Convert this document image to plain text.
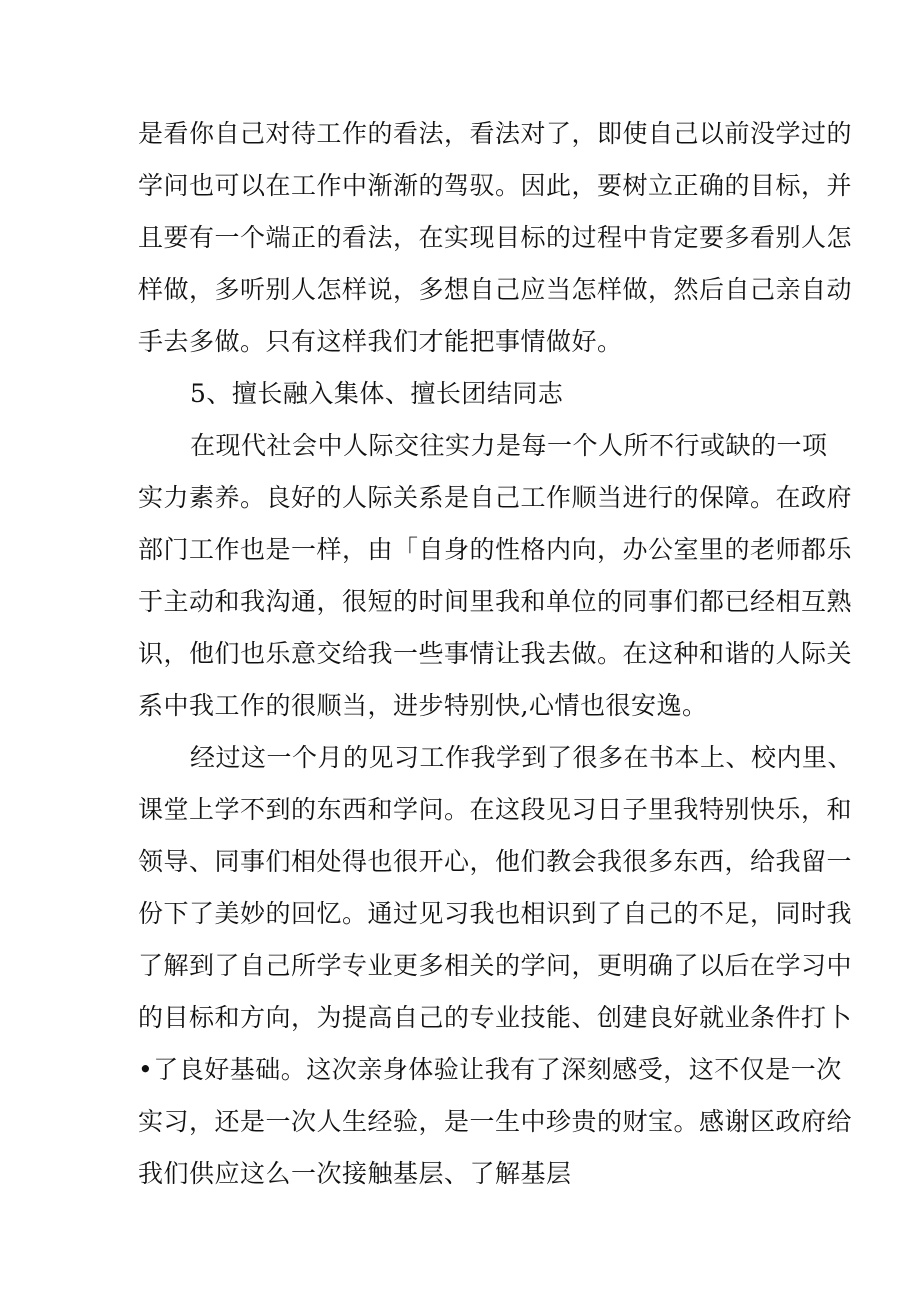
是看你自己对待工作的看法，看法对了，即使自己以前没学过的
学问也可以在工作中渐渐的驾驭。因此，要树立正确的目标，并
且要有一个端正的看法，在实现目标的过程中肯定要多看别人怎
样做，多听别人怎样说，多想自己应当怎样做，然后自己亲自动
手去多做。只有这样我们才能把事情做好。
5、擅长融入集体、擅长团结同志
在现代社会中人际交往实力是每一个人所不行或缺的一项
实力素养。良好的人际关系是自己工作顺当进行的保障。在政府
部门工作也是一样，由「自身的性格内向，办公室里的老师都乐
于主动和我沟通，很短的时间里我和单位的同事们都已经相互熟
识，他们也乐意交给我一些事情让我去做。在这种和谐的人际关
系中我工作的很顺当，进步特别快,心情也很安逸。
经过这一个月的见习工作我学到了很多在书本上、校内里、
课堂上学不到的东西和学问。在这段见习日子里我特别快乐，和
领导、同事们相处得也很开心，他们教会我很多东西，给我留一
份下了美妙的回忆。通过见习我也相识到了自己的不足，同时我
了解到了自己所学专业更多相关的学问，更明确了以后在学习中
的目标和方向，为提高自己的专业技能、创建良好就业条件打卜
•了良好基础。这次亲身体验让我有了深刻感受，这不仅是一次
实习，还是一次人生经验，是一生中珍贵的财宝。感谢区政府给
我们供应这么一次接触基层、了解基层
